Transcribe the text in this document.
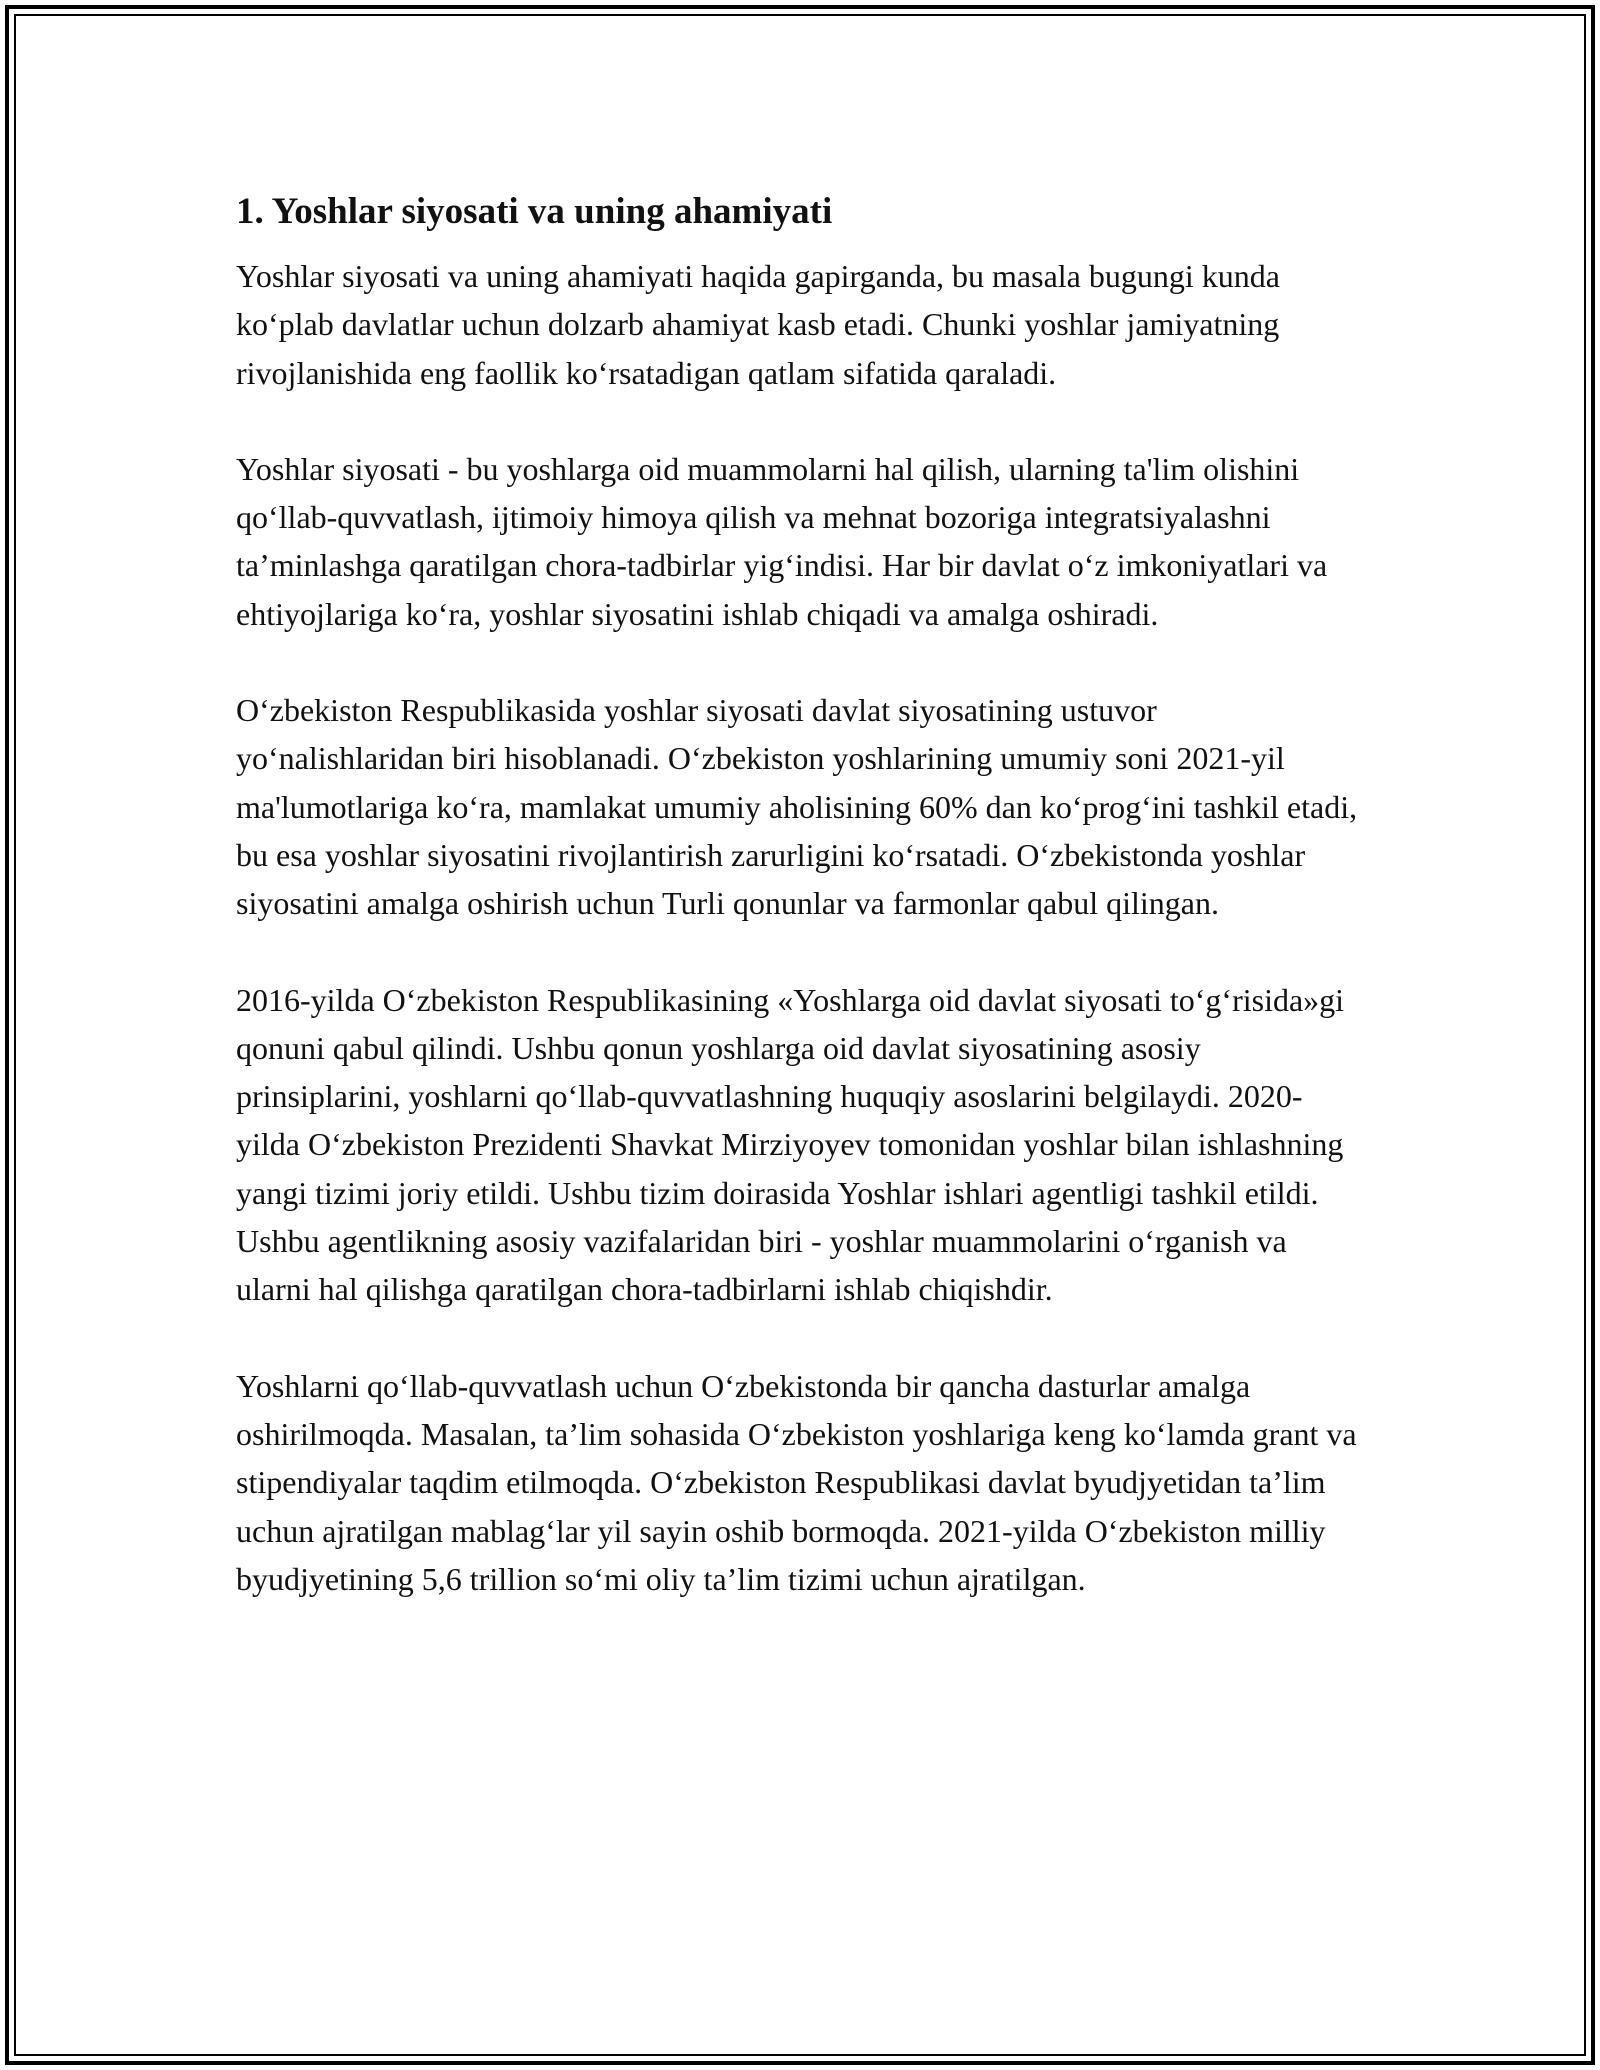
1. Yoshlar siyosati va uning ahamiyati

Yoshlar siyosati va uning ahamiyati haqida gapirganda, bu masala bugungi kunda ko‘plab davlatlar uchun dolzarb ahamiyat kasb etadi. Chunki yoshlar jamiyatning rivojlanishida eng faollik ko‘rsatadigan qatlam sifatida qaraladi.

Yoshlar siyosati - bu yoshlarga oid muammolarni hal qilish, ularning ta'lim olishini qo‘llab-quvvatlash, ijtimoiy himoya qilish va mehnat bozoriga integratsiyalashni ta’minlashga qaratilgan chora-tadbirlar yig‘indisi. Har bir davlat o‘z imkoniyatlari va ehtiyojlariga ko‘ra, yoshlar siyosatini ishlab chiqadi va amalga oshiradi.

O‘zbekiston Respublikasida yoshlar siyosati davlat siyosatining ustuvor yo‘nalishlaridan biri hisoblanadi. O‘zbekiston yoshlarining umumiy soni 2021-yil ma'lumotlariga ko‘ra, mamlakat umumiy aholisining 60% dan ko‘prog‘ini tashkil etadi, bu esa yoshlar siyosatini rivojlantirish zarurligini ko‘rsatadi. O‘zbekistonda yoshlar siyosatini amalga oshirish uchun Turli qonunlar va farmonlar qabul qilingan.

2016-yilda O‘zbekiston Respublikasining «Yoshlarga oid davlat siyosati to‘g‘risida»gi qonuni qabul qilindi. Ushbu qonun yoshlarga oid davlat siyosatining asosiy prinsiplarini, yoshlarni qo‘llab-quvvatlashning huquqiy asoslarini belgilaydi. 2020-yilda O‘zbekiston Prezidenti Shavkat Mirziyoyev tomonidan yoshlar bilan ishlashning yangi tizimi joriy etildi. Ushbu tizim doirasida Yoshlar ishlari agentligi tashkil etildi. Ushbu agentlikning asosiy vazifalaridan biri - yoshlar muammolarini o‘rganish va ularni hal qilishga qaratilgan chora-tadbirlarni ishlab chiqishdir.

Yoshlarni qo‘llab-quvvatlash uchun O‘zbekistonda bir qancha dasturlar amalga oshirilmoqda. Masalan, ta’lim sohasida O‘zbekiston yoshlariga keng ko‘lamda grant va stipendiyalar taqdim etilmoqda. O‘zbekiston Respublikasi davlat byudjyetidan ta’lim uchun ajratilgan mablag‘lar yil sayin oshib bormoqda. 2021-yilda O‘zbekiston milliy byudjyetining 5,6 trillion so‘mi oliy ta’lim tizimi uchun ajratilgan.
